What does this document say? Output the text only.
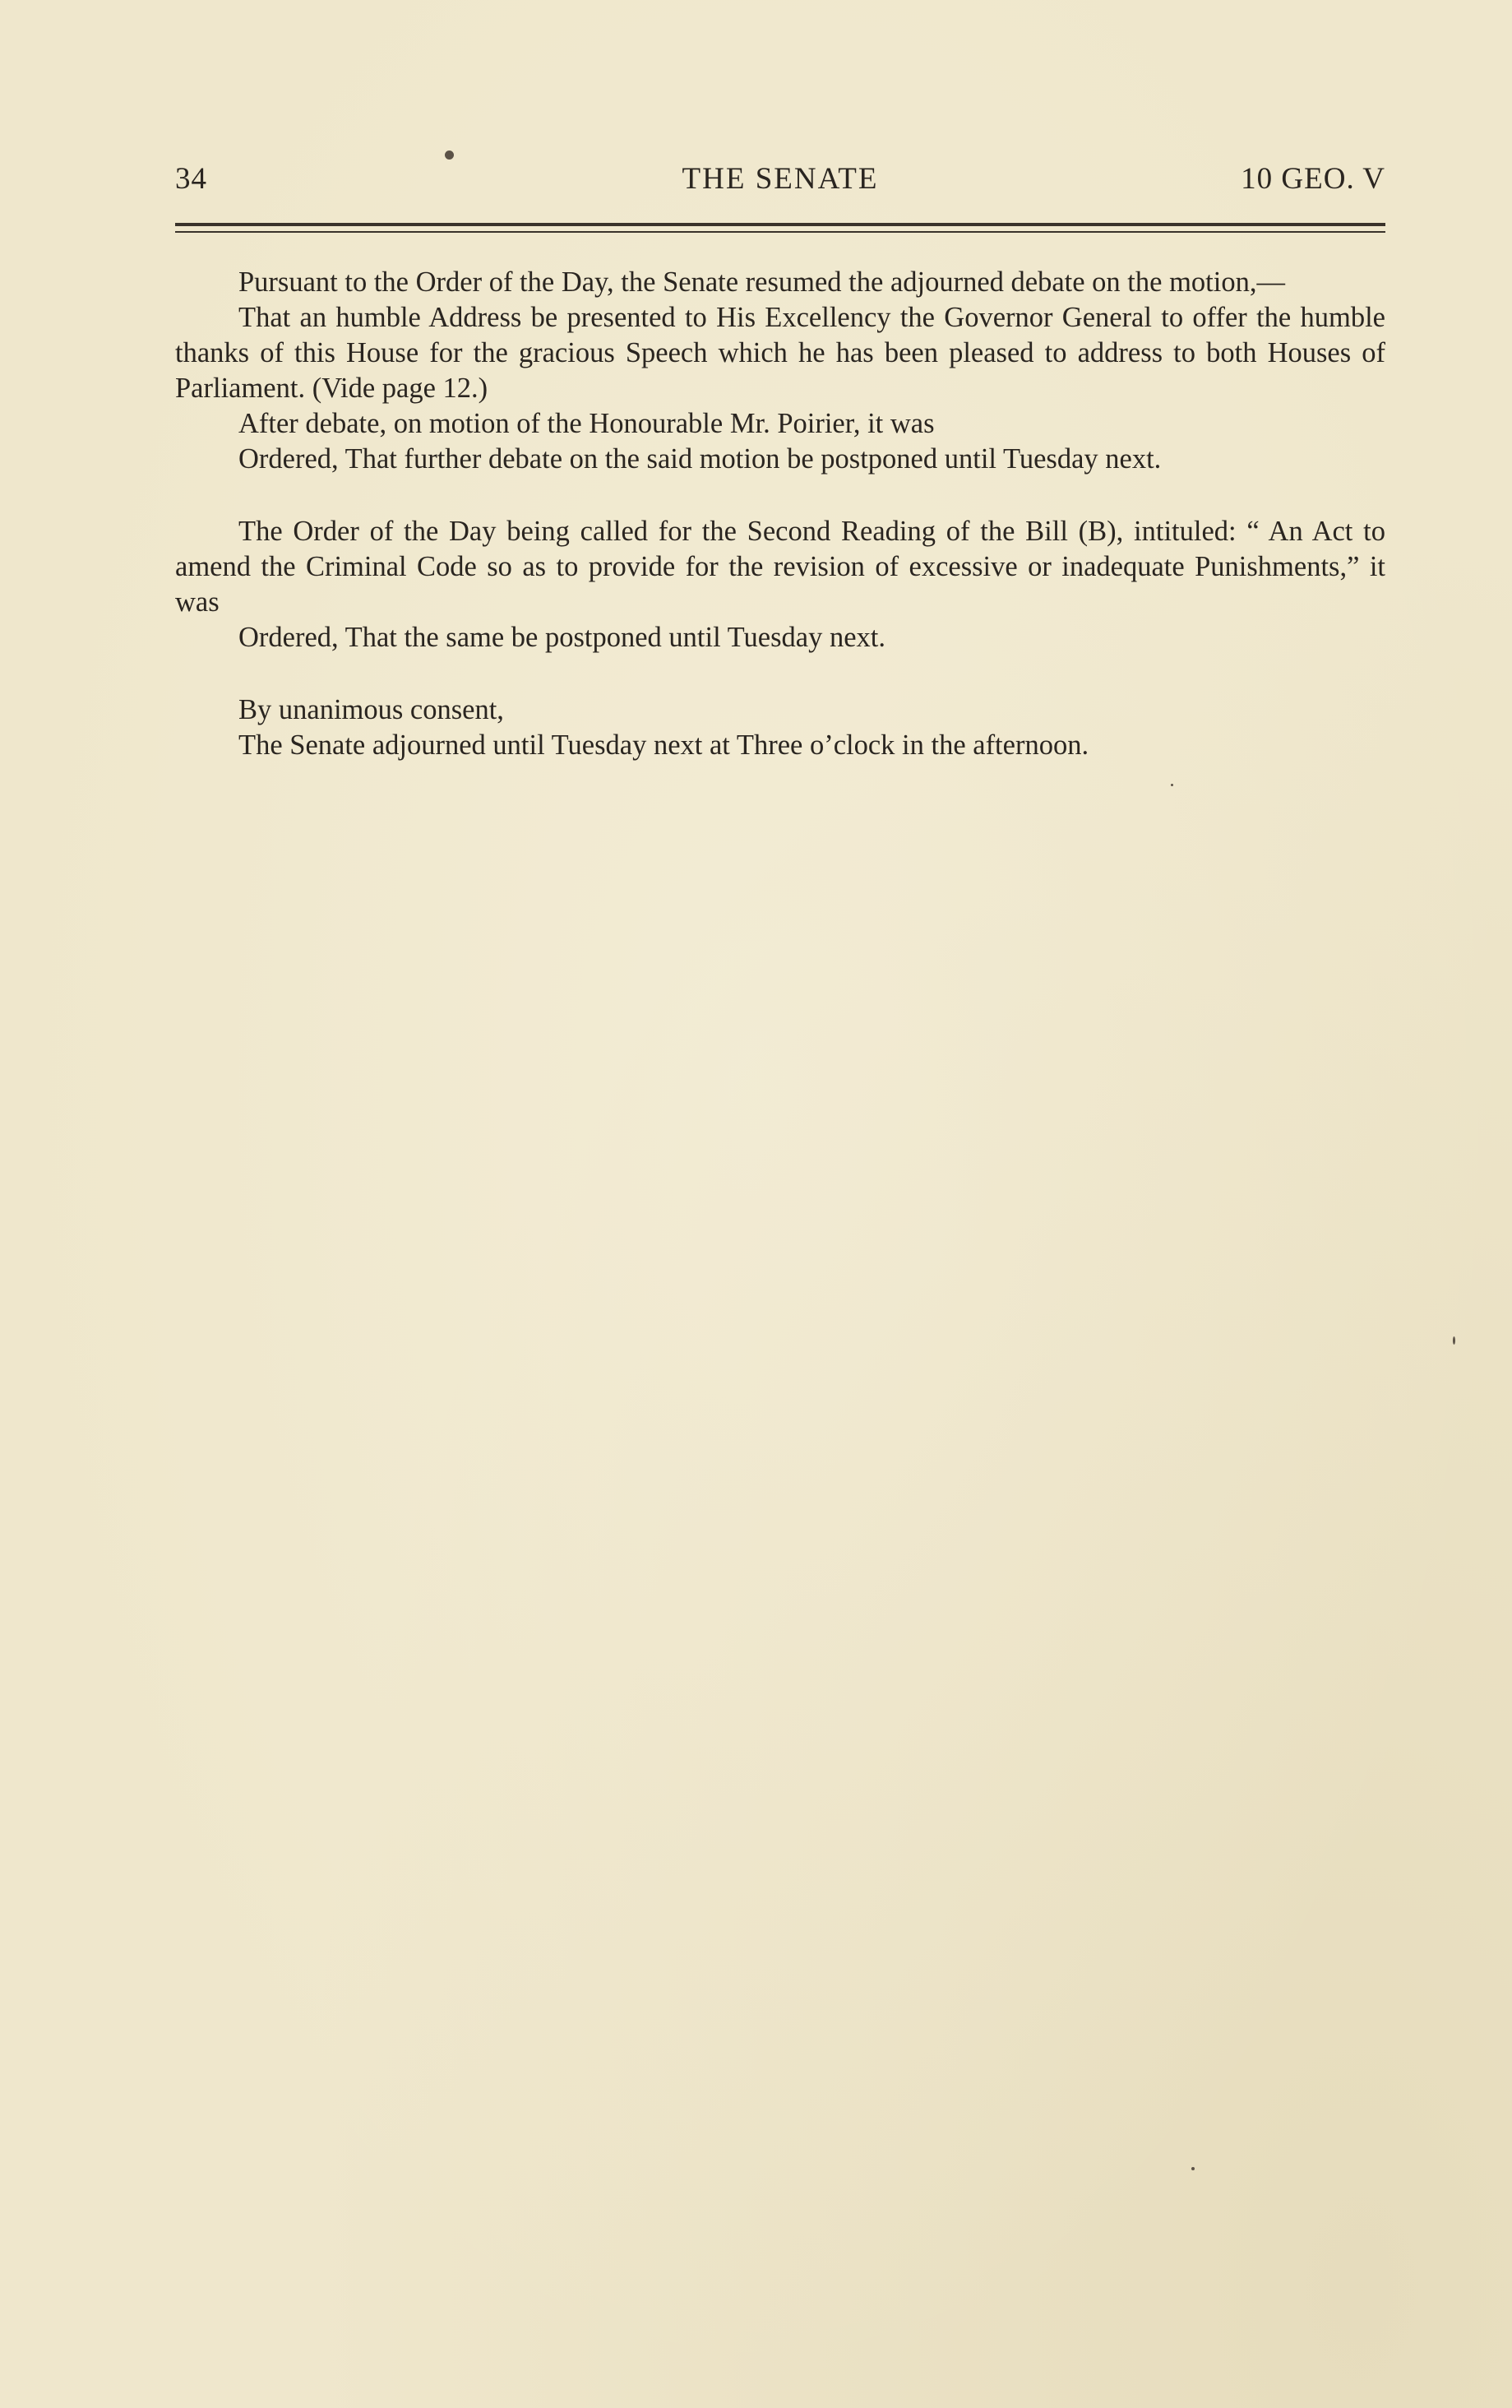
34	THE SENATE	10 GEO. V

Pursuant to the Order of the Day, the Senate resumed the adjourned debate on the motion,—

That an humble Address be presented to His Excellency the Governor General to offer the humble thanks of this House for the gracious Speech which he has been pleased to address to both Houses of Parliament. (Vide page 12.)

After debate, on motion of the Honourable Mr. Poirier, it was

Ordered, That further debate on the said motion be postponed until Tuesday next.

The Order of the Day being called for the Second Reading of the Bill (B), intituled: “ An Act to amend the Criminal Code so as to provide for the revision of excessive or inadequate Punishments,” it was

Ordered, That the same be postponed until Tuesday next.

By unanimous consent,

The Senate adjourned until Tuesday next at Three o’clock in the afternoon.
